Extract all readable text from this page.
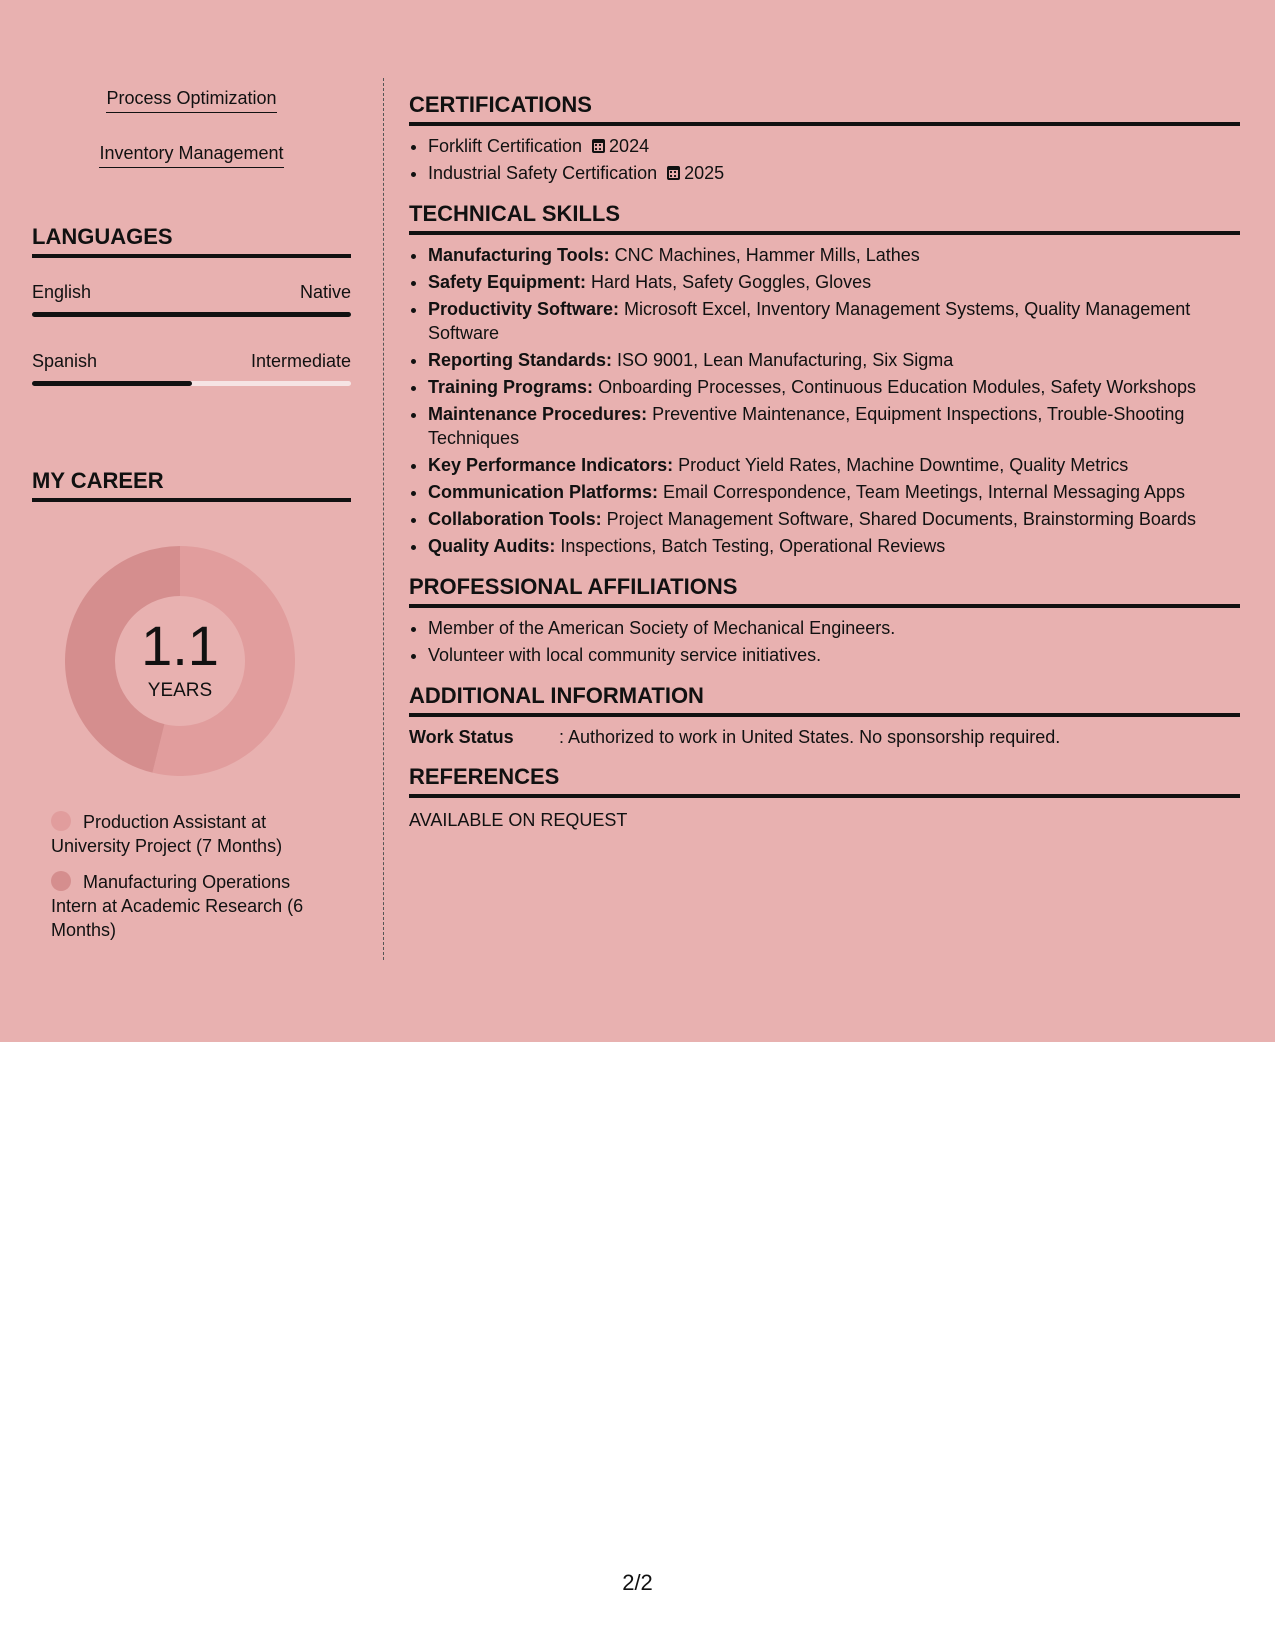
Process Optimization
Inventory Management
LANGUAGES
English	Native
Spanish	Intermediate
MY CAREER
1.1
YEARS
Production Assistant at University Project (7 Months)
Manufacturing Operations Intern at Academic Research (6 Months)
CERTIFICATIONS
• Forklift Certification 2024
• Industrial Safety Certification 2025
TECHNICAL SKILLS
• Manufacturing Tools: CNC Machines, Hammer Mills, Lathes
• Safety Equipment: Hard Hats, Safety Goggles, Gloves
• Productivity Software: Microsoft Excel, Inventory Management Systems, Quality Management Software
• Reporting Standards: ISO 9001, Lean Manufacturing, Six Sigma
• Training Programs: Onboarding Processes, Continuous Education Modules, Safety Workshops
• Maintenance Procedures: Preventive Maintenance, Equipment Inspections, Trouble-Shooting Techniques
• Key Performance Indicators: Product Yield Rates, Machine Downtime, Quality Metrics
• Communication Platforms: Email Correspondence, Team Meetings, Internal Messaging Apps
• Collaboration Tools: Project Management Software, Shared Documents, Brainstorming Boards
• Quality Audits: Inspections, Batch Testing, Operational Reviews
PROFESSIONAL AFFILIATIONS
• Member of the American Society of Mechanical Engineers.
• Volunteer with local community service initiatives.
ADDITIONAL INFORMATION
Work Status	: Authorized to work in United States. No sponsorship required.
REFERENCES
AVAILABLE ON REQUEST
2/2
